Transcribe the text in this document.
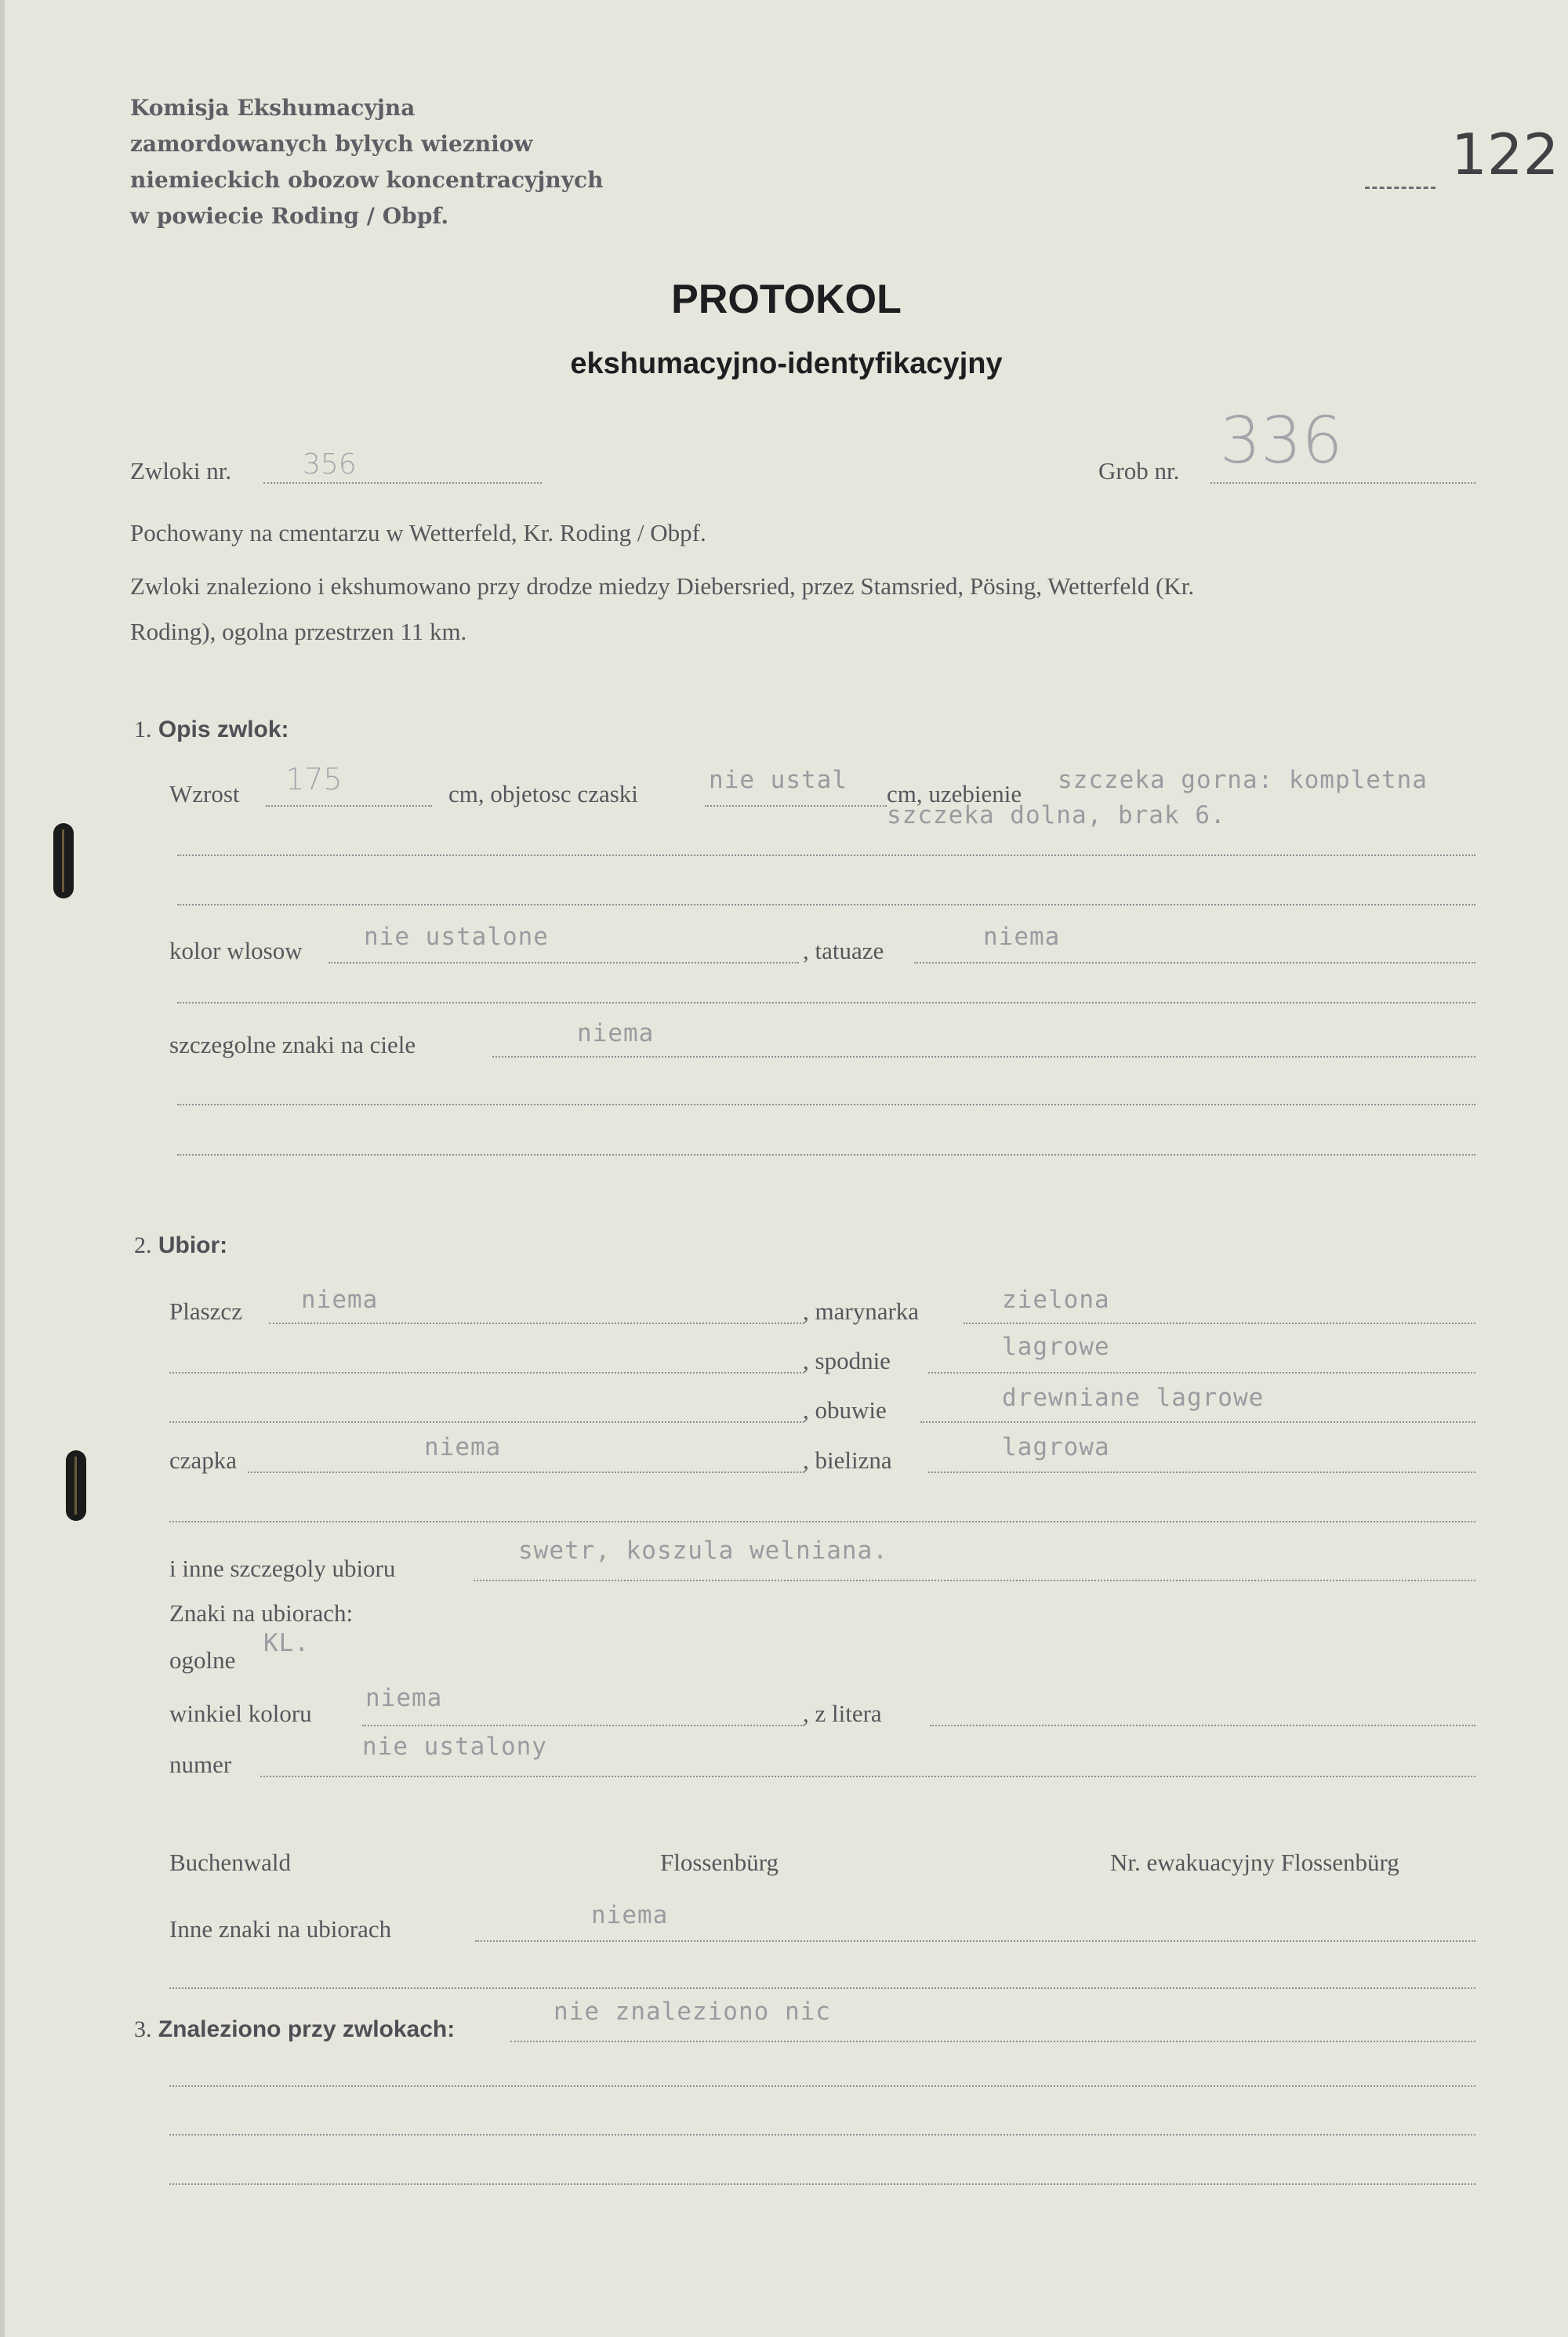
Komisja Ekshumacyjna
zamordowanych bylych wiezniow
niemieckich obozow koncentracyjnych
w powiecie Roding / Obpf.
122
PROTOKOL
ekshumacyjno-identyfikacyjny
Zwloki nr.	356	Grob nr. 336
Pochowany na cmentarzu w Wetterfeld, Kr. Roding / Obpf.
Zwloki znaleziono i ekshumowano przy drodze miedzy Diebersried, przez Stamsried, Pösing, Wetterfeld (Kr.
Roding), ogolna przestrzen 11 km.
1. Opis zwlok:
Wzrost 175	cm, objetosc czaski	nie ustal cm, uzebienie szczeka gorna: kompletna
szczeka dolna, brak 6.
kolor wlosow	nie ustalone	, tatuaze	niema
szczegolne znaki na ciele	niema
2. Ubior:
Plaszcz niema	, marynarka	zielona
, spodnie	lagrowe
, obuwie	drewniane lagrowe
czapka	niema	, bielizna	lagrowa
i inne szczegoly ubioru
swetr, koszula welniana.
Znaki na ubiorach:
ogolne
KL.
winkiel koloru
niema
, z litera
numer
nie ustalony
Buchenwald	Flossenbürg	Nr. ewakuacyjny Flossenbürg
Inne znaki na ubiorach	niema
3. Znaleziono przy zwlokach:
nie znaleziono nic
